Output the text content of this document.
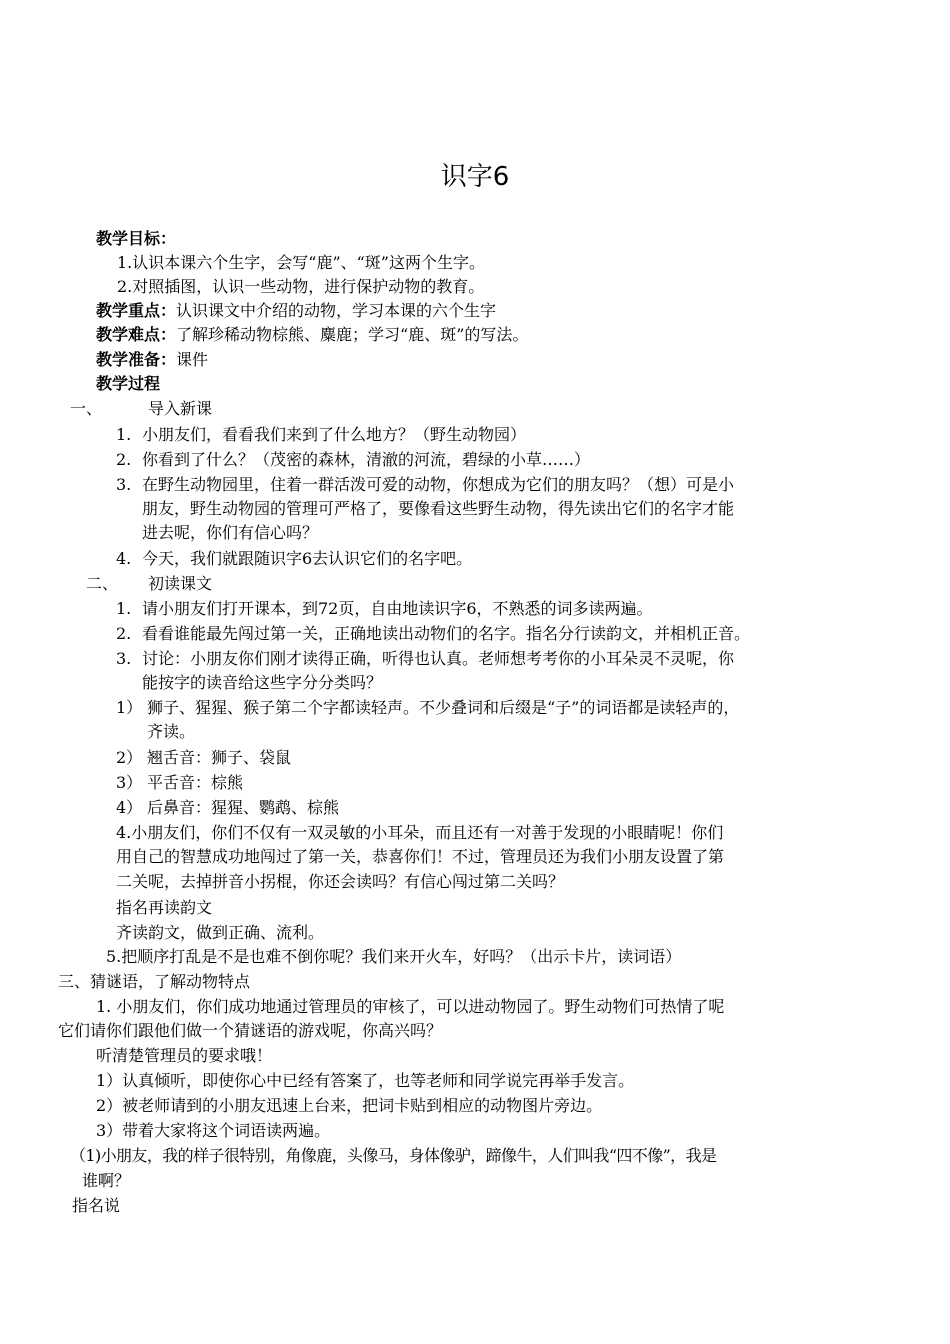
识字6
教学目标：
1.认识本课六个生字，会写“鹿”、“斑”这两个生字。
2.对照插图，认识一些动物，进行保护动物的教育。
教学重点：认识课文中介绍的动物，学习本课的六个生字
教学难点：了解珍稀动物棕熊、麋鹿；学习“鹿、斑”的写法。
教学准备：课件
教学过程
一、	导入新课
1. 小朋友们，看看我们来到了什么地方？（野生动物园）
2. 你看到了什么？（茂密的森林，清澈的河流，碧绿的小草……）
3. 在野生动物园里，住着一群活泼可爱的动物，你想成为它们的朋友吗？（想）可是小
朋友，野生动物园的管理可严格了，要像看这些野生动物，得先读出它们的名字才能
进去呢，你们有信心吗？
4. 今天，我们就跟随识字6去认识它们的名字吧。
二、 初读课文
1. 请小朋友们打开课本，到72页，自由地读识字6，不熟悉的词多读两遍。
2. 看看谁能最先闯过第一关，正确地读出动物们的名字。指名分行读韵文，并相机正音。
3. 讨论：小朋友你们刚才读得正确，听得也认真。老师想考考你的小耳朵灵不灵呢，你
能按字的读音给这些字分分类吗？
1） 狮子、猩猩、猴子第二个字都读轻声。不少叠词和后缀是“子”的词语都是读轻声的，
齐读。
2） 翘舌音：狮子、袋鼠
3） 平舌音：棕熊
4） 后鼻音：猩猩、鹦鹉、棕熊
4.小朋友们，你们不仅有一双灵敏的小耳朵，而且还有一对善于发现的小眼睛呢！你们
用自己的智慧成功地闯过了第一关，恭喜你们！不过，管理员还为我们小朋友设置了第
二关呢，去掉拼音小拐棍，你还会读吗？有信心闯过第二关吗？
指名再读韵文
齐读韵文，做到正确、流利。
5.把顺序打乱是不是也难不倒你呢？我们来开火车，好吗？（出示卡片，读词语）
三、猜谜语，了解动物特点
1. 小朋友们，你们成功地通过管理员的审核了，可以进动物园了。野生动物们可热情了呢
它们请你们跟他们做一个猜谜语的游戏呢，你高兴吗？
听清楚管理员的要求哦！
1）认真倾听，即使你心中已经有答案了，也等老师和同学说完再举手发言。
2）被老师请到的小朋友迅速上台来，把词卡贴到相应的动物图片旁边。
3）带着大家将这个词语读两遍。
（1)小朋友，我的样子很特别，角像鹿，头像马，身体像驴，蹄像牛，人们叫我“四不像”，我是
谁啊？
指名说
